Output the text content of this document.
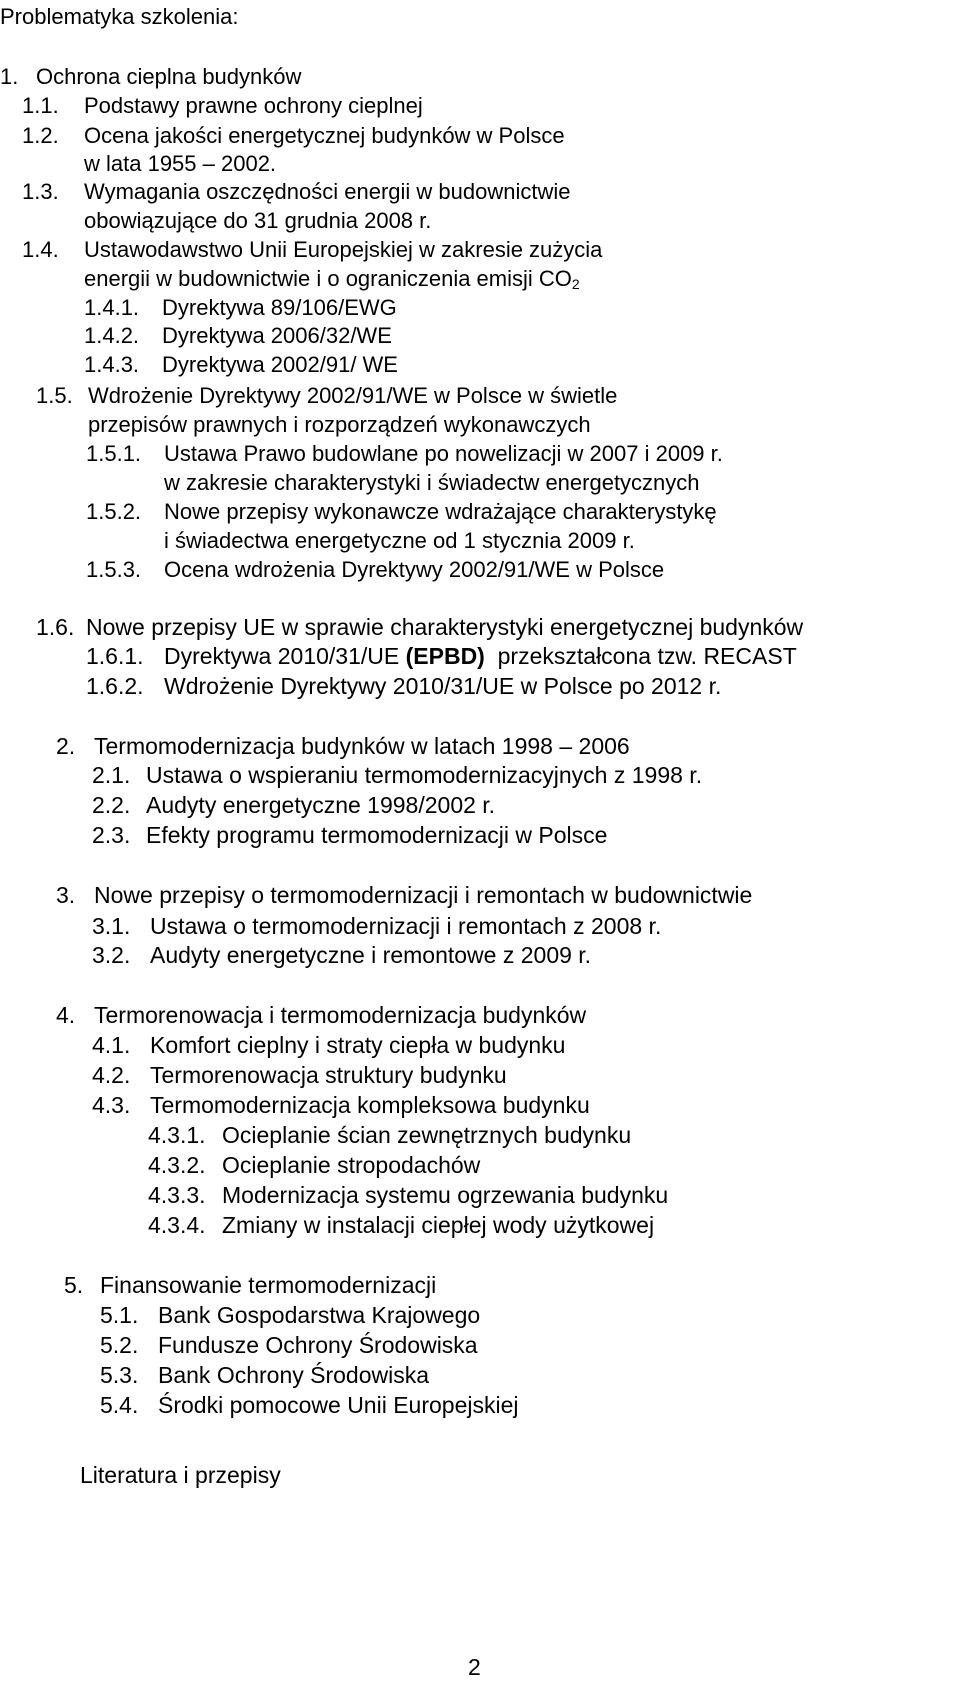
Problematyka szkolenia:
1. Ochrona cieplna budynków
1.1. Podstawy prawne ochrony cieplnej
1.2. Ocena jakości energetycznej budynków w Polsce
w lata 1955 – 2002.
1.3. Wymagania oszczędności energii w budownictwie
obowiązujące do 31 grudnia 2008 r.
1.4. Ustawodawstwo Unii Europejskiej w zakresie zużycia
energii w budownictwie i o ograniczenia emisji $CO_2$
1.4.1. Dyrektywa 89/106/EWG
1.4.2. Dyrektywa 2006/32/WE
1.4.3. Dyrektywa 2002/91/ WE
1.5. Wdrożenie Dyrektywy 2002/91/WE w Polsce w świetle
przepisów prawnych i rozporządzeń wykonawczych
1.5.1. Ustawa Prawo budowlane po nowelizacji w 2007 i 2009 r.
w zakresie charakterystyki i świadectw energetycznych
1.5.2. Nowe przepisy wykonawcze wdrażające charakterystykę
i świadectwa energetyczne od 1 stycznia 2009 r.
1.5.3. Ocena wdrożenia Dyrektywy 2002/91/WE w Polsce
1.6. Nowe przepisy UE w sprawie charakterystyki energetycznej budynków
1.6.1. Dyrektywa 2010/31/UE (EPBD)  przekształcona tzw. RECAST
1.6.2. Wdrożenie Dyrektywy 2010/31/UE w Polsce po 2012 r.
2. Termomodernizacja budynków w latach 1998 – 2006
2.1. Ustawa o wspieraniu termomodernizacyjnych z 1998 r.
2.2. Audyty energetyczne 1998/2002 r.
2.3. Efekty programu termomodernizacji w Polsce
3. Nowe przepisy o termomodernizacji i remontach w budownictwie
3.1. Ustawa o termomodernizacji i remontach z 2008 r.
3.2. Audyty energetyczne i remontowe z 2009 r.
4. Termorenowacja i termomodernizacja budynków
4.1. Komfort cieplny i straty ciepła w budynku
4.2. Termorenowacja struktury budynku
4.3. Termomodernizacja kompleksowa budynku
4.3.1. Ocieplanie ścian zewnętrznych budynku
4.3.2. Ocieplanie stropodachów
4.3.3. Modernizacja systemu ogrzewania budynku
4.3.4. Zmiany w instalacji ciepłej wody użytkowej
5. Finansowanie termomodernizacji
5.1. Bank Gospodarstwa Krajowego
5.2. Fundusze Ochrony Środowiska
5.3. Bank Ochrony Środowiska
5.4. Środki pomocowe Unii Europejskiej
Literatura i przepisy
2
